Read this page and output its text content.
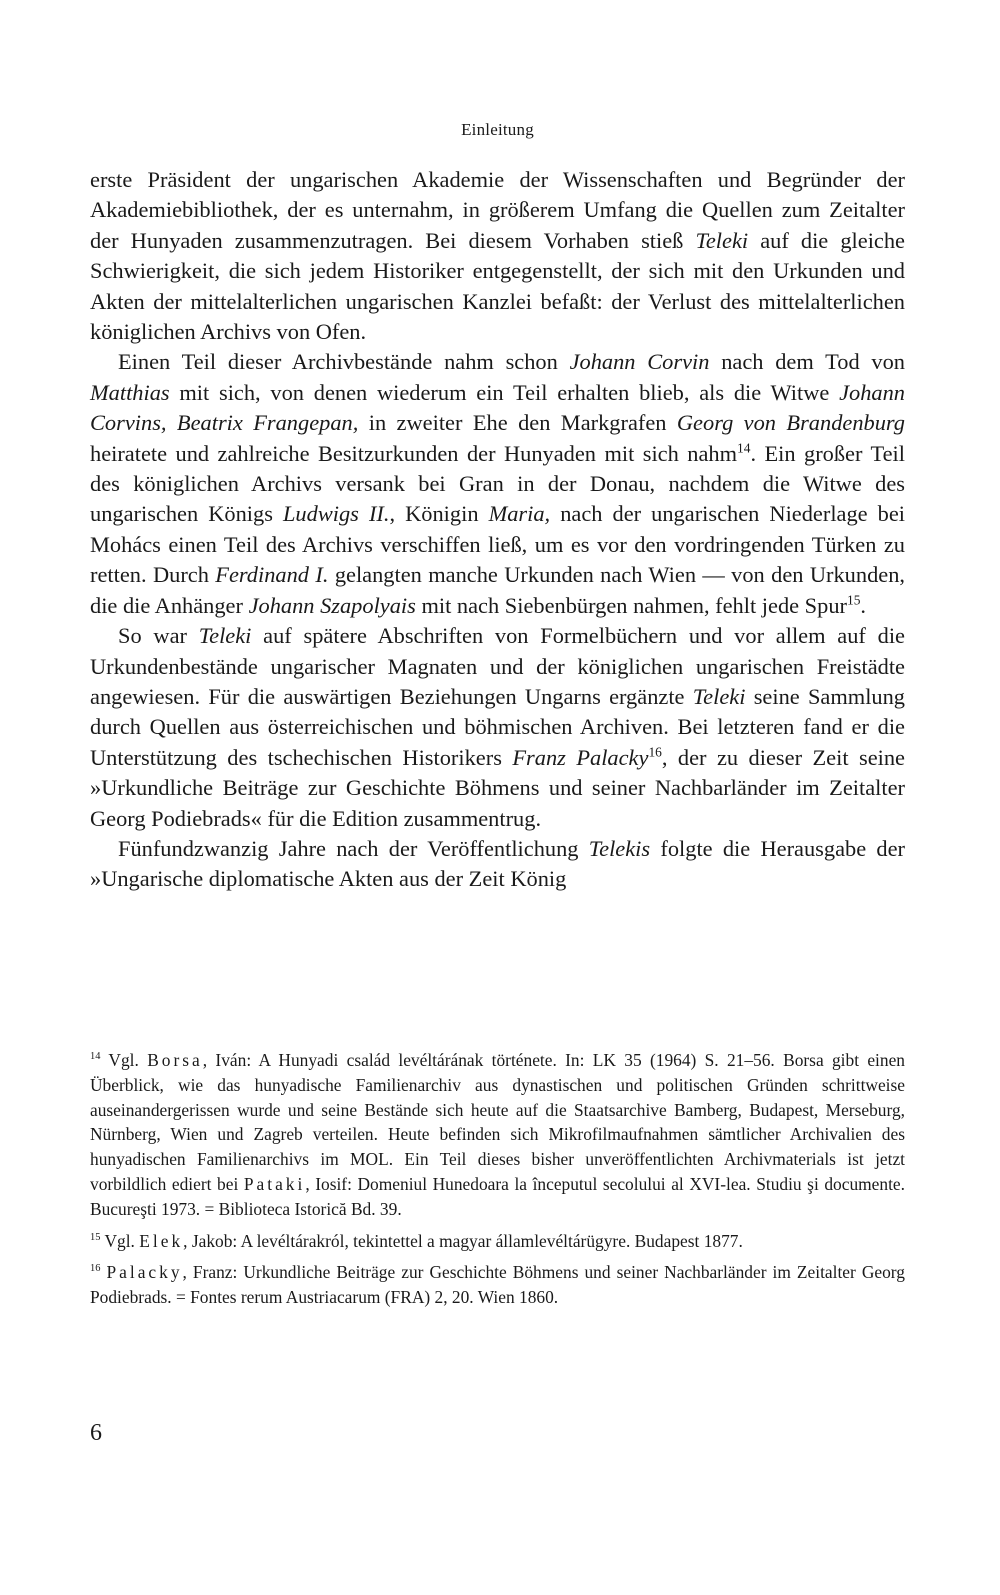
Einleitung

erste Präsident der ungarischen Akademie der Wissenschaften und Begründer der Akademiebibliothek, der es unternahm, in größerem Umfang die Quellen zum Zeitalter der Hunyaden zusammenzutragen. Bei diesem Vorhaben stieß Teleki auf die gleiche Schwierigkeit, die sich jedem Historiker entgegenstellt, der sich mit den Urkunden und Akten der mittelalterlichen ungarischen Kanzlei befaßt: der Verlust des mittelalterlichen königlichen Archivs von Ofen.

Einen Teil dieser Archivbestände nahm schon Johann Corvin nach dem Tod von Matthias mit sich, von denen wiederum ein Teil erhalten blieb, als die Witwe Johann Corvins, Beatrix Frangepan, in zweiter Ehe den Markgrafen Georg von Brandenburg heiratete und zahlreiche Besitzurkunden der Hunyaden mit sich nahm$^{14}$. Ein großer Teil des königlichen Archivs versank bei Gran in der Donau, nachdem die Witwe des ungarischen Königs Ludwigs II., Königin Maria, nach der ungarischen Niederlage bei Mohács einen Teil des Archivs verschiffen ließ, um es vor den vordringenden Türken zu retten. Durch Ferdinand I. gelangten manche Urkunden nach Wien — von den Urkunden, die die Anhänger Johann Szapolyais mit nach Siebenbürgen nahmen, fehlt jede Spur$^{15}$.

So war Teleki auf spätere Abschriften von Formelbüchern und vor allem auf die Urkundenbestände ungarischer Magnaten und der königlichen ungarischen Freistädte angewiesen. Für die auswärtigen Beziehungen Ungarns ergänzte Teleki seine Sammlung durch Quellen aus österreichischen und böhmischen Archiven. Bei letzteren fand er die Unterstützung des tschechischen Historikers Franz Palacky$^{16}$, der zu dieser Zeit seine »Urkundliche Beiträge zur Geschichte Böhmens und seiner Nachbarländer im Zeitalter Georg Podiebrads« für die Edition zusammentrug.

Fünfundzwanzig Jahre nach der Veröffentlichung Telekis folgte die Herausgabe der »Ungarische diplomatische Akten aus der Zeit König

$^{14}$ Vgl. Borsa, Iván: A Hunyadi család levéltárának története. In: LK 35 (1964) S. 21–56. Borsa gibt einen Überblick, wie das hunyadische Familienarchiv aus dynastischen und politischen Gründen schrittweise auseinandergerissen wurde und seine Bestände sich heute auf die Staatsarchive Bamberg, Budapest, Merseburg, Nürnberg, Wien und Zagreb verteilen. Heute befinden sich Mikrofilmaufnahmen sämtlicher Archivalien des hunyadischen Familienarchivs im MOL. Ein Teil dieses bisher unveröffentlichten Archivmaterials ist jetzt vorbildlich ediert bei Pataki, Iosif: Domeniul Hunedoara la începutul secolului al XVI-lea. Studiu şi documente. Bucureşti 1973. = Biblioteca Istorică Bd. 39.

$^{15}$ Vgl. Elek, Jakob: A levéltárakról, tekintettel a magyar államlevéltárügyre. Budapest 1877.

$^{16}$ Palacky, Franz: Urkundliche Beiträge zur Geschichte Böhmens und seiner Nachbarländer im Zeitalter Georg Podiebrads. = Fontes rerum Austriacarum (FRA) 2, 20. Wien 1860.

6
